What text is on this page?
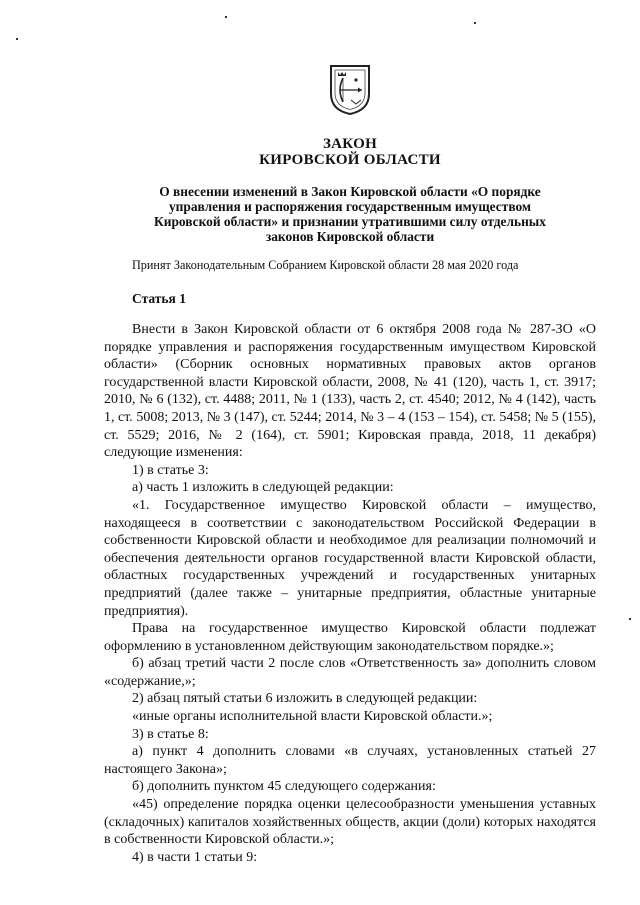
ЗАКОН
КИРОВСКОЙ ОБЛАСТИ
О внесении изменений в Закон Кировской области «О порядке управления и распоряжения государственным имуществом Кировской области» и признании утратившими силу отдельных законов Кировской области
Принят Законодательным Собранием Кировской области 28 мая 2020 года
Статья 1

Внести в Закон Кировской области от 6 октября 2008 года № 287-ЗО «О порядке управления и распоряжения государственным имуществом Кировской области» (Сборник основных нормативных правовых актов органов государственной власти Кировской области, 2008, № 41 (120), часть 1, ст. 3917; 2010, № 6 (132), ст. 4488; 2011, № 1 (133), часть 2, ст. 4540; 2012, № 4 (142), часть 1, ст. 5008; 2013, № 3 (147), ст. 5244; 2014, № 3 – 4 (153 – 154), ст. 5458; № 5 (155), ст. 5529; 2016, № 2 (164), ст. 5901; Кировская правда, 2018, 11 декабря) следующие изменения:

1) в статье 3:

а) часть 1 изложить в следующей редакции:

«1. Государственное имущество Кировской области – имущество, находящееся в соответствии с законодательством Российской Федерации в собственности Кировской области и необходимое для реализации полномочий и обеспечения деятельности органов государственной власти Кировской области, областных государственных учреждений и государственных унитарных предприятий (далее также – унитарные предприятия, областные унитарные предприятия).

Права на государственное имущество Кировской области подлежат оформлению в установленном действующим законодательством порядке.»;

б) абзац третий части 2 после слов «Ответственность за» дополнить словом «содержание,»;

2) абзац пятый статьи 6 изложить в следующей редакции:

«иные органы исполнительной власти Кировской области.»;

3) в статье 8:

а) пункт 4 дополнить словами «в случаях, установленных статьей 27 настоящего Закона»;

б) дополнить пунктом 45 следующего содержания:

«45) определение порядка оценки целесообразности уменьшения уставных (складочных) капиталов хозяйственных обществ, акции (доли) которых находятся в собственности Кировской области.»;

4) в части 1 статьи 9:
